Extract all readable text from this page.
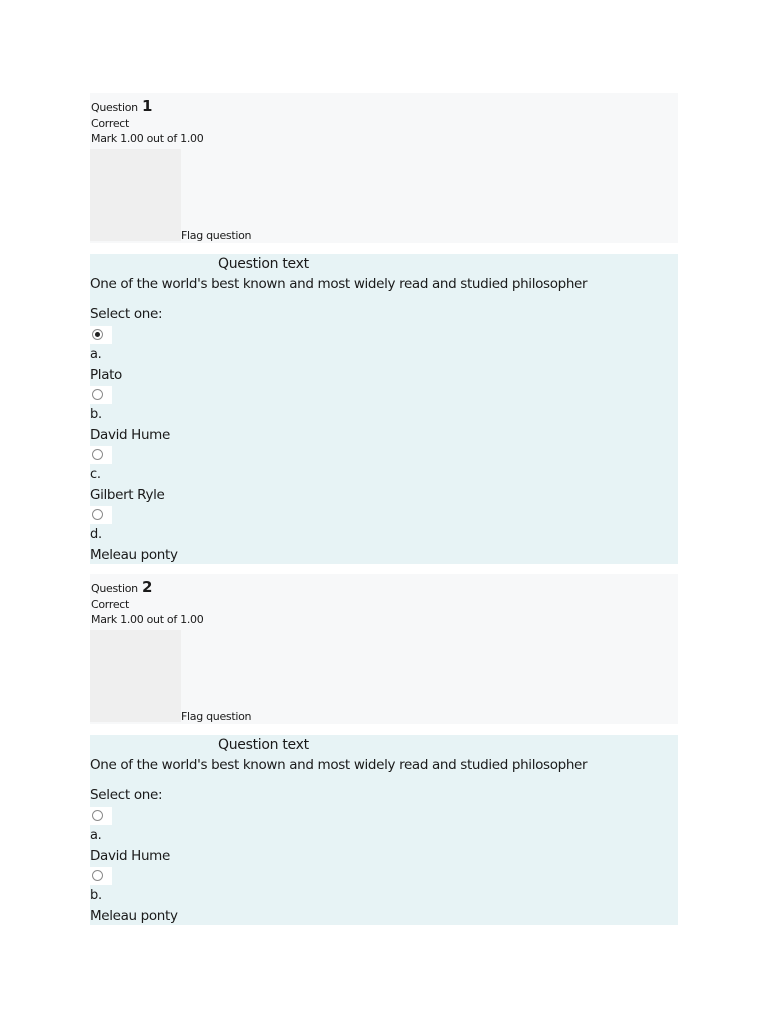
Question 1
Correct
Mark 1.00 out of 1.00
Flag question
Question text
One of the world's best known and most widely read and studied philosopher
Select one:
a.
Plato
b.
David Hume
c.
Gilbert Ryle
d.
Meleau ponty
Question 2
Correct
Mark 1.00 out of 1.00
Flag question
Question text
One of the world's best known and most widely read and studied philosopher
Select one:
a.
David Hume
b.
Meleau ponty
